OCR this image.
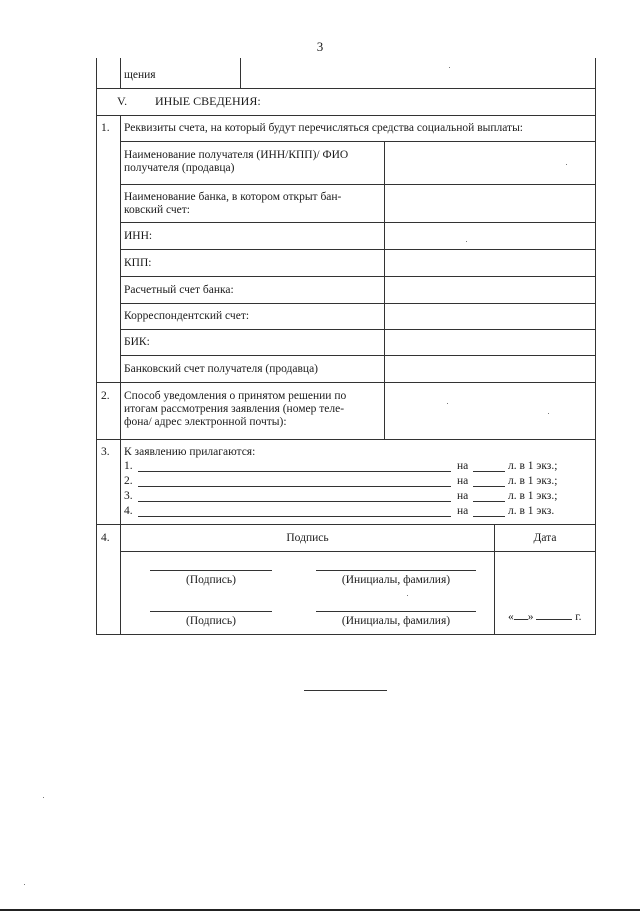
3
щения
V. ИНЫЕ СВЕДЕНИЯ:
1. Реквизиты счета, на который будут перечисляться средства социальной выплаты:
Наименование получателя (ИНН/КПП)/ ФИО
получателя (продавца)
Наименование банка, в котором открыт бан-
ковский счет:
ИНН:
КПП:
Расчетный счет банка:
Корреспондентский счет:
БИК:
Банковский счет получателя (продавца)
2. Способ уведомления о принятом решении по
итогам рассмотрения заявления (номер теле-
фона/ адрес электронной почты):
3. К заявлению прилагаются:
1.	на	л. в 1 экз.;
2.	на	л. в 1 экз.;
3.	на	л. в 1 экз.;
4.	на	л. в 1 экз.
4.	Подпись	Дата
(Подпись)	(Инициалы, фамилия)
(Подпись)	(Инициалы, фамилия)	« »	г.
